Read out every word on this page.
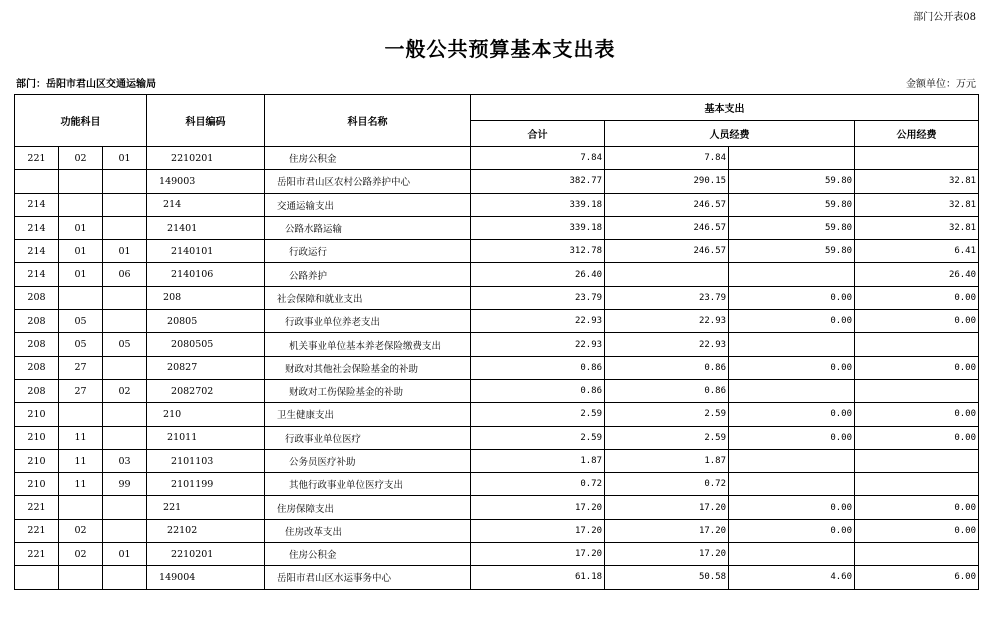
部门公开表08
一般公共预算基本支出表
部门：岳阳市君山区交通运输局	金额单位：万元
功能科目			科目编码	科目名称	基本支出			
					合计	人员经费		公用经费
221	02	01	2210201	住房公积金	7.84	7.84		
			149003	岳阳市君山区农村公路养护中心	382.77	290.15	59.80	32.81
214			214	交通运输支出	339.18	246.57	59.80	32.81
214	01		21401	公路水路运输	339.18	246.57	59.80	32.81
214	01	01	2140101	行政运行	312.78	246.57	59.80	6.41
214	01	06	2140106	公路养护	26.40			26.40
208			208	社会保障和就业支出	23.79	23.79	0.00	0.00
208	05		20805	行政事业单位养老支出	22.93	22.93	0.00	0.00
208	05	05	2080505	机关事业单位基本养老保险缴费支出	22.93	22.93		
208	27		20827	财政对其他社会保险基金的补助	0.86	0.86	0.00	0.00
208	27	02	2082702	财政对工伤保险基金的补助	0.86	0.86		
210			210	卫生健康支出	2.59	2.59	0.00	0.00
210	11		21011	行政事业单位医疗	2.59	2.59	0.00	0.00
210	11	03	2101103	公务员医疗补助	1.87	1.87		
210	11	99	2101199	其他行政事业单位医疗支出	0.72	0.72		
221			221	住房保障支出	17.20	17.20	0.00	0.00
221	02		22102	住房改革支出	17.20	17.20	0.00	0.00
221	02	01	2210201	住房公积金	17.20	17.20		
			149004	岳阳市君山区水运事务中心	61.18	50.58	4.60	6.00
